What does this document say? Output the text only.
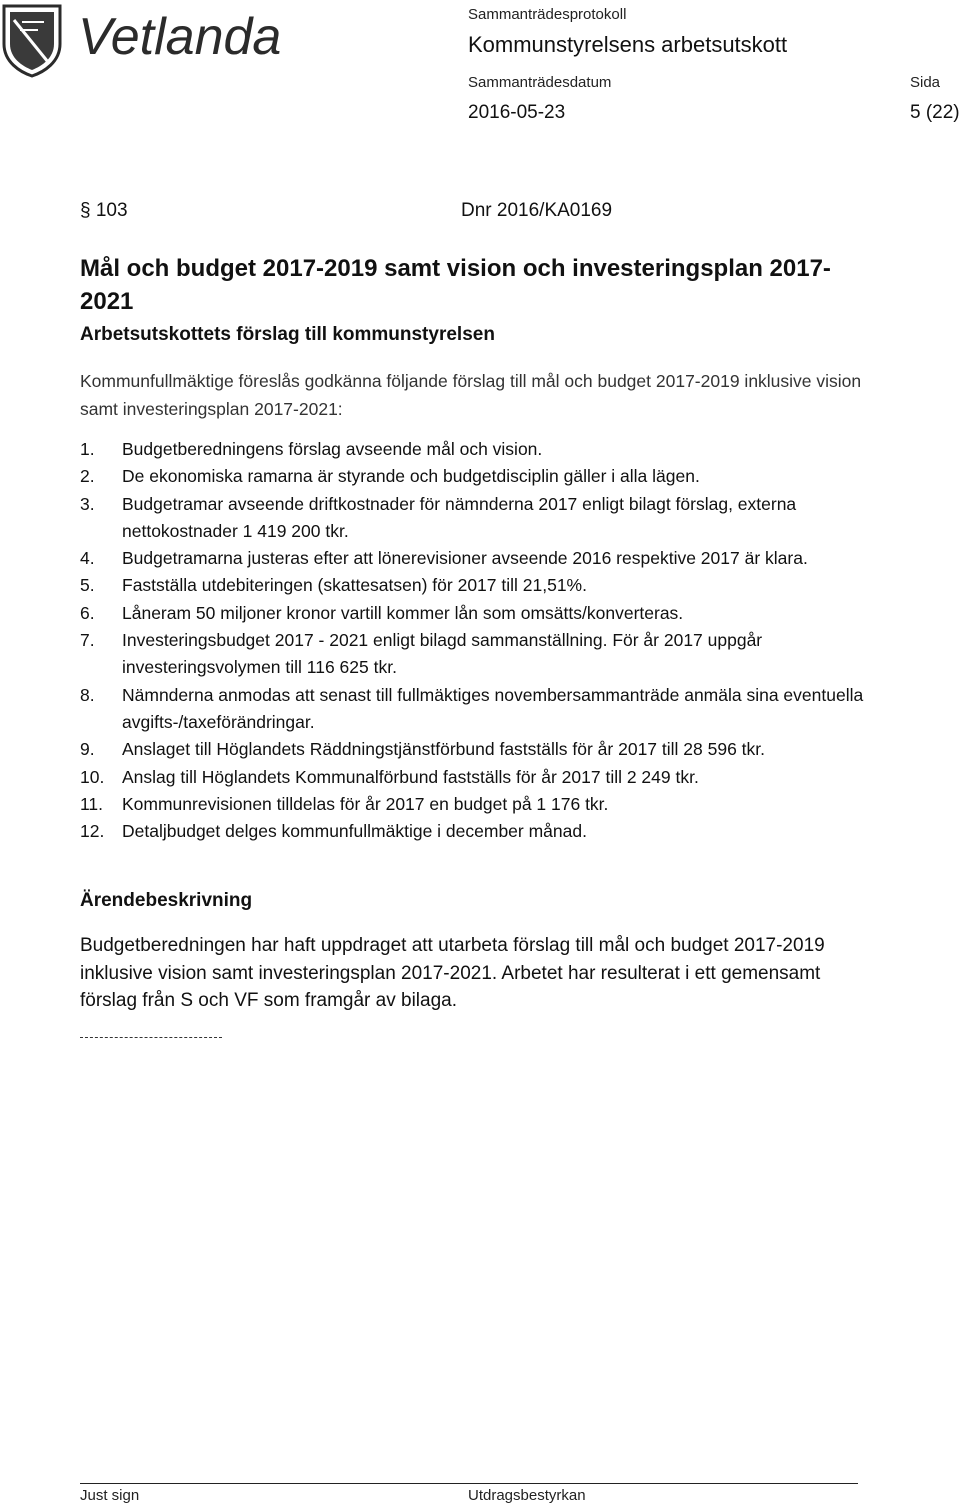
Vetlanda	Sammanträdesprotokoll
Kommunstyrelsens arbetsutskott
Sammanträdesdatum	Sida
2016-05-23	5 (22)
§ 103	Dnr 2016/KA0169
Mål och budget 2017-2019 samt vision och investeringsplan 2017-2021
Arbetsutskottets förslag till kommunstyrelsen
Kommunfullmäktige föreslås godkänna följande förslag till mål och budget 2017-2019 inklusive vision samt investeringsplan 2017-2021:
1. Budgetberedningens förslag avseende mål och vision.
2. De ekonomiska ramarna är styrande och budgetdisciplin gäller i alla lägen.
3. Budgetramar avseende driftkostnader för nämnderna 2017 enligt bilagt förslag, externa nettokostnader 1 419 200 tkr.
4. Budgetramarna justeras efter att lönerevisioner avseende 2016 respektive 2017 är klara.
5. Fastställa utdebiteringen (skattesatsen) för 2017 till 21,51%.
6. Låneram 50 miljoner kronor vartill kommer lån som omsätts/konverteras.
7. Investeringsbudget 2017 - 2021 enligt bilagd sammanställning. För år 2017 uppgår investeringsvolymen till 116 625 tkr.
8. Nämnderna anmodas att senast till fullmäktiges novembersammanträde anmäla sina eventuella avgifts-/taxeförändringar.
9. Anslaget till Höglandets Räddningstjänstförbund fastställs för år 2017 till 28 596 tkr.
10. Anslag till Höglandets Kommunalförbund fastställs för år 2017 till 2 249 tkr.
11. Kommunrevisionen tilldelas för år 2017 en budget på 1 176 tkr.
12. Detaljbudget delges kommunfullmäktige i december månad.
Ärendebeskrivning
Budgetberedningen har haft uppdraget att utarbeta förslag till mål och budget 2017-2019 inklusive vision samt investeringsplan 2017-2021. Arbetet har resulterat i ett gemensamt förslag från S och VF som framgår av bilaga.
Just sign	Utdragsbestyrkan
